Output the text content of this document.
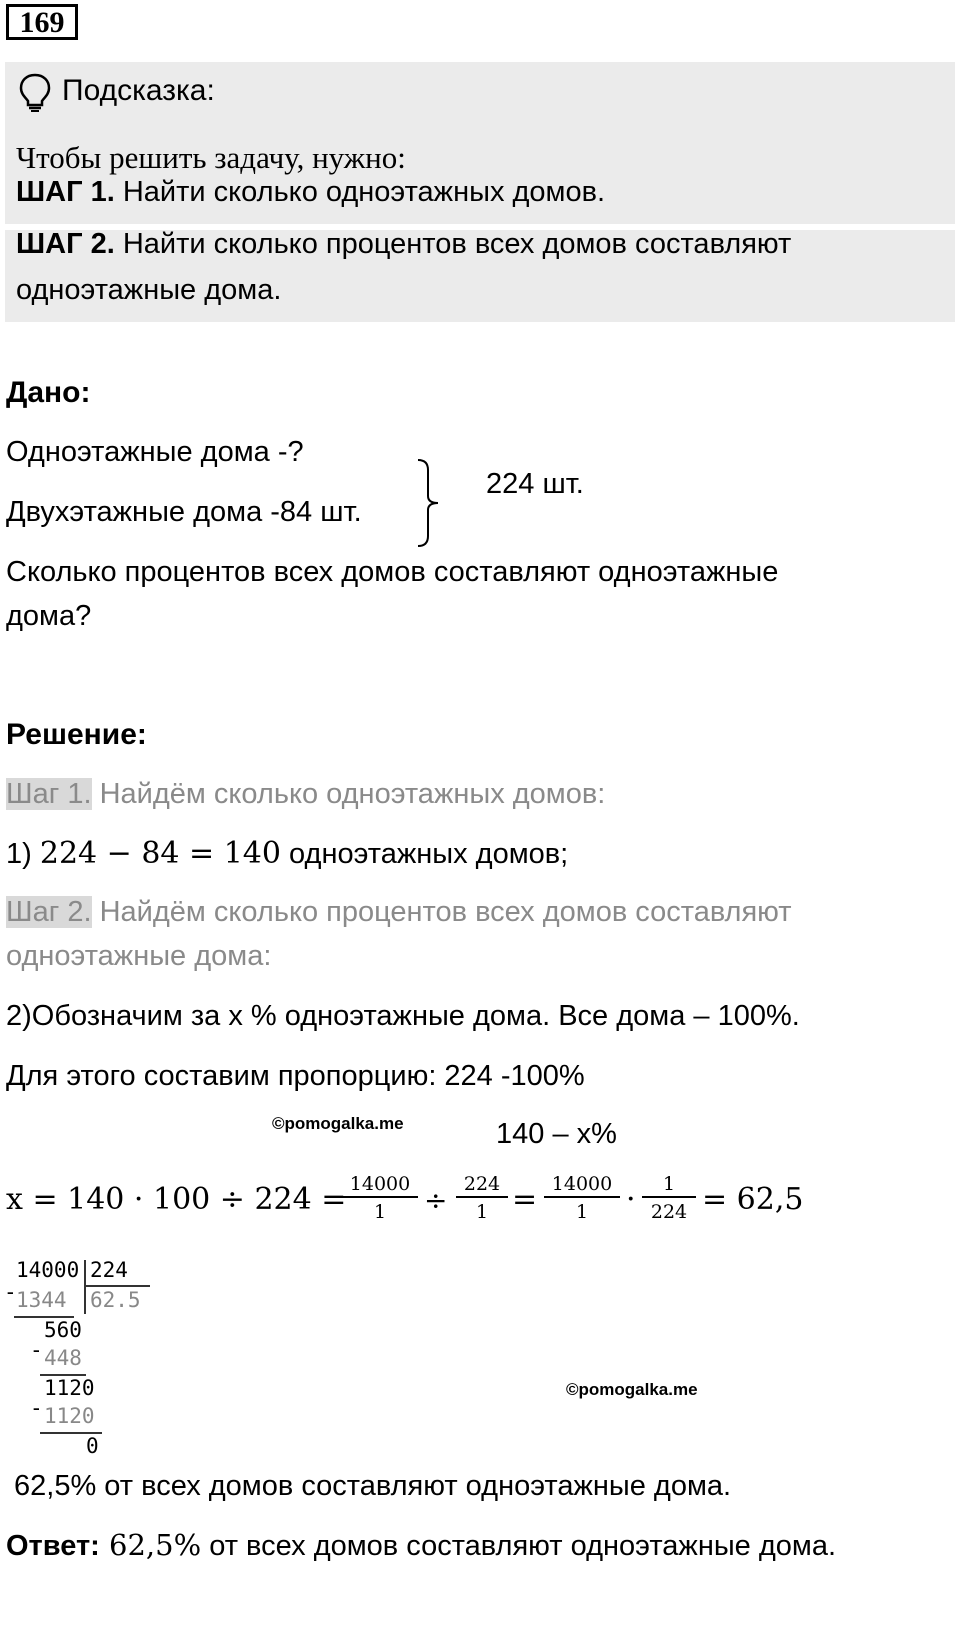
169
Подсказка:
Чтобы решить задачу, нужно:
ШАГ 1. Найти сколько одноэтажных домов.
ШАГ 2. Найти сколько процентов всех домов составляют
одноэтажные дома.
Дано:
Одноэтажные дома -?
Двухэтажные дома -84 шт.
224 шт.
Сколько процентов всех домов составляют одноэтажные
дома?
Решение:
Шаг 1. Найдём сколько одноэтажных домов:
1) 224 − 84 = 140 одноэтажных домов;
Шаг 2. Найдём сколько процентов всех домов составляют
одноэтажные дома:
2)Обозначим за х % одноэтажные дома. Все дома – 100%.
Для этого составим пропорцию: 224 -100%
©pomogalka.me	140 – х%
x = 140 · 100 ÷ 224 =
$\frac{14000}{1} \div \frac{224}{1} = \frac{14000}{1} \cdot \frac{1}{224} = 62,5$
-
14000 224
62.5
1344
560
- 448
1120
- 1120
0
©pomogalka.me
62,5% от всех домов составляют одноэтажные дома.
Ответ: 62,5% от всех домов составляют одноэтажные дома.
